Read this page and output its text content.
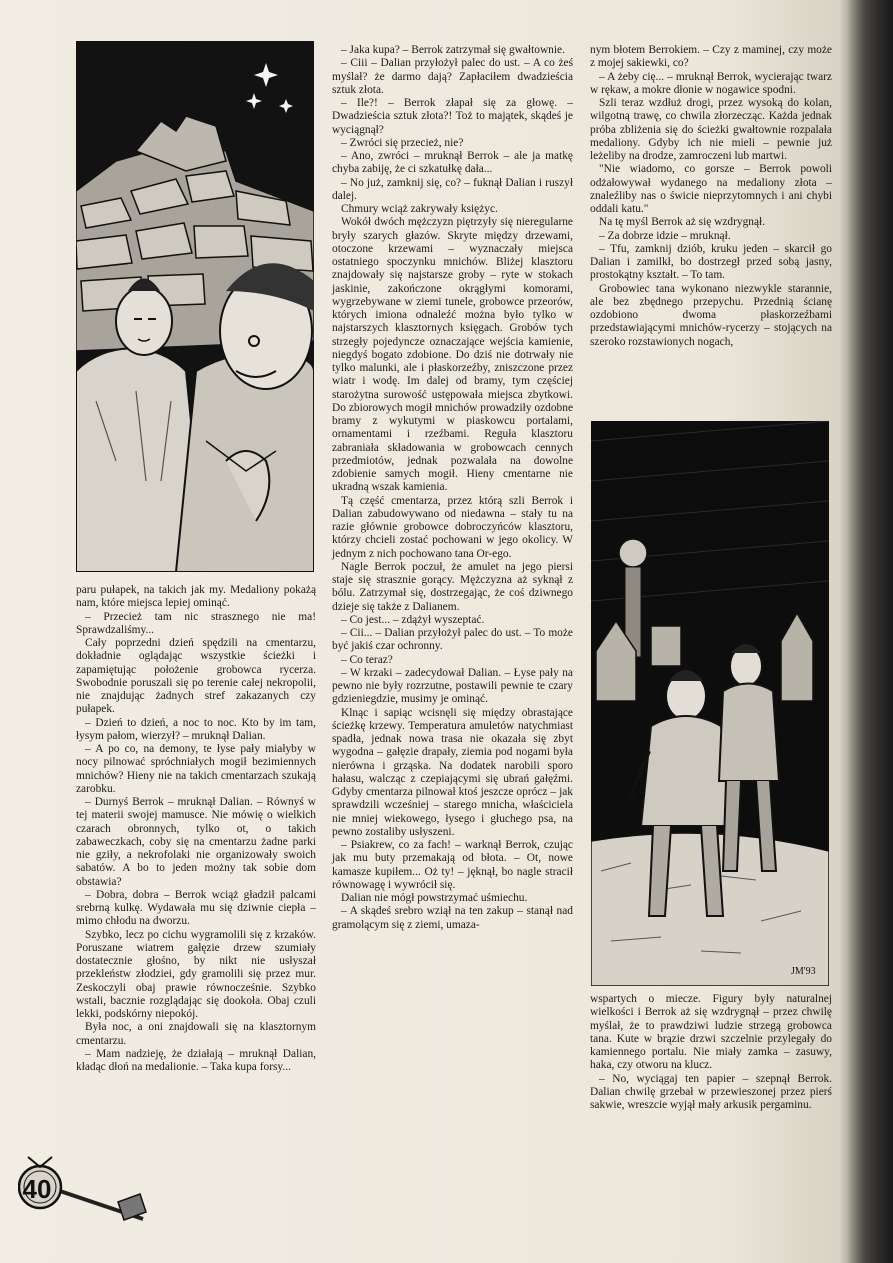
paru pułapek, na takich jak my. Medaliony pokażą nam, które miejsca lepiej ominąć.

– Przecież tam nic strasznego nie ma! Sprawdzaliśmy...

Cały poprzedni dzień spędzili na cmentarzu, dokładnie oglądając wszystkie ścieżki i zapamiętując położenie grobowca rycerza. Swobodnie poruszali się po terenie całej nekropolii, nie znajdując żadnych stref zakazanych czy pułapek.

– Dzień to dzień, a noc to noc. Kto by im tam, łysym pałom, wierzył? – mruknął Dalian.

– A po co, na demony, te łyse pały miałyby w nocy pilnować spróchniałych mogił bezimiennych mnichów? Hieny nie na takich cmentarzach szukają zarobku.

– Durnyś Berrok – mruknął Dalian. – Równyś w tej materii swojej mamusce. Nie mówię o wielkich czarach obronnych, tylko ot, o takich zabaweczkach, coby się na cmentarzu żadne parki nie gziły, a nekrofolaki nie organizowały swoich sabatów. A bo to jeden możny tak sobie dom obstawia?

– Dobra, dobra – Berrok wciąż gładził palcami srebrną kulkę. Wydawała mu się dziwnie ciepła – mimo chłodu na dworzu.

Szybko, lecz po cichu wygramolili się z krzaków. Poruszane wiatrem gałęzie drzew szumiały dostatecznie głośno, by nikt nie usłyszał przekleństw złodziei, gdy gramolili się przez mur. Zeskoczyli obaj prawie równocześnie. Szybko wstali, bacznie rozglądając się dookoła. Obaj czuli lekki, podskórny niepokój.

Była noc, a oni znajdowali się na klasztornym cmentarzu.

– Mam nadzieję, że działają – mruknął Dalian, kładąc dłoń na medalionie. – Taka kupa forsy...

– Jaka kupa? – Berrok zatrzymał się gwałtownie.

– Ciii – Dalian przyłożył palec do ust. – A co żeś myślał? że darmo dają? Zapłaciłem dwadzieścia sztuk złota.

– Ile?! – Berrok złapał się za głowę. – Dwadzieścia sztuk złota?! Toż to majątek, skądeś je wyciągnął?

– Zwróci się przecież, nie?

– Ano, zwróci – mruknął Berrok – ale ja matkę chyba zabiję, że ci szkatułkę dała...

– No już, zamknij się, co? – fuknął Dalian i ruszył dalej.

Chmury wciąż zakrywały księżyc.

Wokół dwóch mężczyzn piętrzyły się nieregularne bryły szarych głazów. Skryte między drzewami, otoczone krzewami – wyznaczały miejsca ostatniego spoczynku mnichów. Bliżej klasztoru znajdowały się najstarsze groby – ryte w stokach jaskinie, zakończone okrągłymi komorami, wygrzebywane w ziemi tunele, grobowce przeorów, których imiona odnaleźć można było tylko w najstarszych klasztornych księgach. Grobów tych strzegły pojedyncze oznaczające wejścia kamienie, niegdyś bogato zdobione. Do dziś nie dotrwały nie tylko malunki, ale i płaskorzeźby, zniszczone przez wiatr i wodę. Im dalej od bramy, tym częściej starożytna surowość ustępowała miejsca zbytkowi. Do zbiorowych mogił mnichów prowadziły ozdobne bramy z wykutymi w piaskowcu portalami, ornamentami i rzeźbami. Reguła klasztoru zabraniała składowania w grobowcach cennych przedmiotów, jednak pozwalała na dowolne zdobienie samych mogił. Hieny cmentarne nie ukradną wszak kamienia.

Tą część cmentarza, przez którą szli Berrok i Dalian zabudowywano od niedawna – stały tu na razie głównie grobowce dobroczyńców klasztoru, którzy chcieli zostać pochowani w jego okolicy. W jednym z nich pochowano tana Or-ego.

Nagle Berrok poczuł, że amulet na jego piersi staje się strasznie gorący. Mężczyzna aż syknął z bólu. Zatrzymał się, dostrzegając, że coś dziwnego dzieje się także z Dalianem.

– Co jest... – zdążył wyszeptać.

– Cii... – Dalian przyłożył palec do ust. – To może być jakiś czar ochronny.

– Co teraz?

– W krzaki – zadecydował Dalian. – Łyse pały na pewno nie były rozrzutne, postawili pewnie te czary gdzieniegdzie, musimy je ominąć.

Klnąc i sapiąc wcisnęli się między obrastające ścieżkę krzewy. Temperatura amuletów natychmiast spadła, jednak nowa trasa nie okazała się zbyt wygodna – gałęzie drapały, ziemia pod nogami była nierówna i grząska. Na dodatek narobili sporo hałasu, walcząc z czepiającymi się ubrań gałęźmi. Gdyby cmentarza pilnował ktoś jeszcze oprócz – jak sprawdzili wcześniej – starego mnicha, właściciela nie mniej wiekowego, łysego i głuchego psa, na pewno zostaliby usłyszeni.

– Psiakrew, co za fach! – warknął Berrok, czując jak mu buty przemakają od błota. – Ot, nowe kamasze kupiłem... Oż ty! – jęknął, bo nagle stracił równowagę i wywrócił się.

Dalian nie mógł powstrzymać uśmiechu.

– A skądeś srebro wziął na ten zakup – stanął nad gramolącym się z ziemi, umaza-

nym błotem Berrokiem. – Czy z maminej, czy może z mojej sakiewki, co?

– A żeby cię... – mruknął Berrok, wycierając twarz w rękaw, a mokre dłonie w nogawice spodni.

Szli teraz wzdłuż drogi, przez wysoką do kolan, wilgotną trawę, co chwila złorzecząc. Każda jednak próba zbliżenia się do ścieżki gwałtownie rozpalała medaliony. Gdyby ich nie mieli – pewnie już leżeliby na drodze, zamroczeni lub martwi.

"Nie wiadomo, co gorsze – Berrok powoli odżałowywał wydanego na medaliony złota – znaleźliby nas o świcie nieprzytomnych i ani chybi oddali katu."

Na tę myśl Berrok aż się wzdrygnął.

– Za dobrze idzie – mruknął.

– Tfu, zamknij dziób, kruku jeden – skarcił go Dalian i zamilkł, bo dostrzegł przed sobą jasny, prostokątny kształt. – To tam.

Grobowiec tana wykonano niezwykle starannie, ale bez zbędnego przepychu. Przednią ścianę ozdobiono dwoma płaskorzeźbami przedstawiającymi mnichów-rycerzy – stojących na szeroko rozstawionych nogach,

JM'93

wspartych o miecze. Figury były naturalnej wielkości i Berrok aż się wzdrygnął – przez chwilę myślał, że to prawdziwi ludzie strzegą grobowca tana. Kute w brązie drzwi szczelnie przylegały do kamiennego portalu. Nie miały zamka – zasuwy, haka, czy otworu na klucz.

– No, wyciągaj ten papier – szepnął Berrok. Dalian chwilę grzebał w przewieszonej przez pierś sakwie, wreszcie wyjął mały arkusik pergaminu.

40
